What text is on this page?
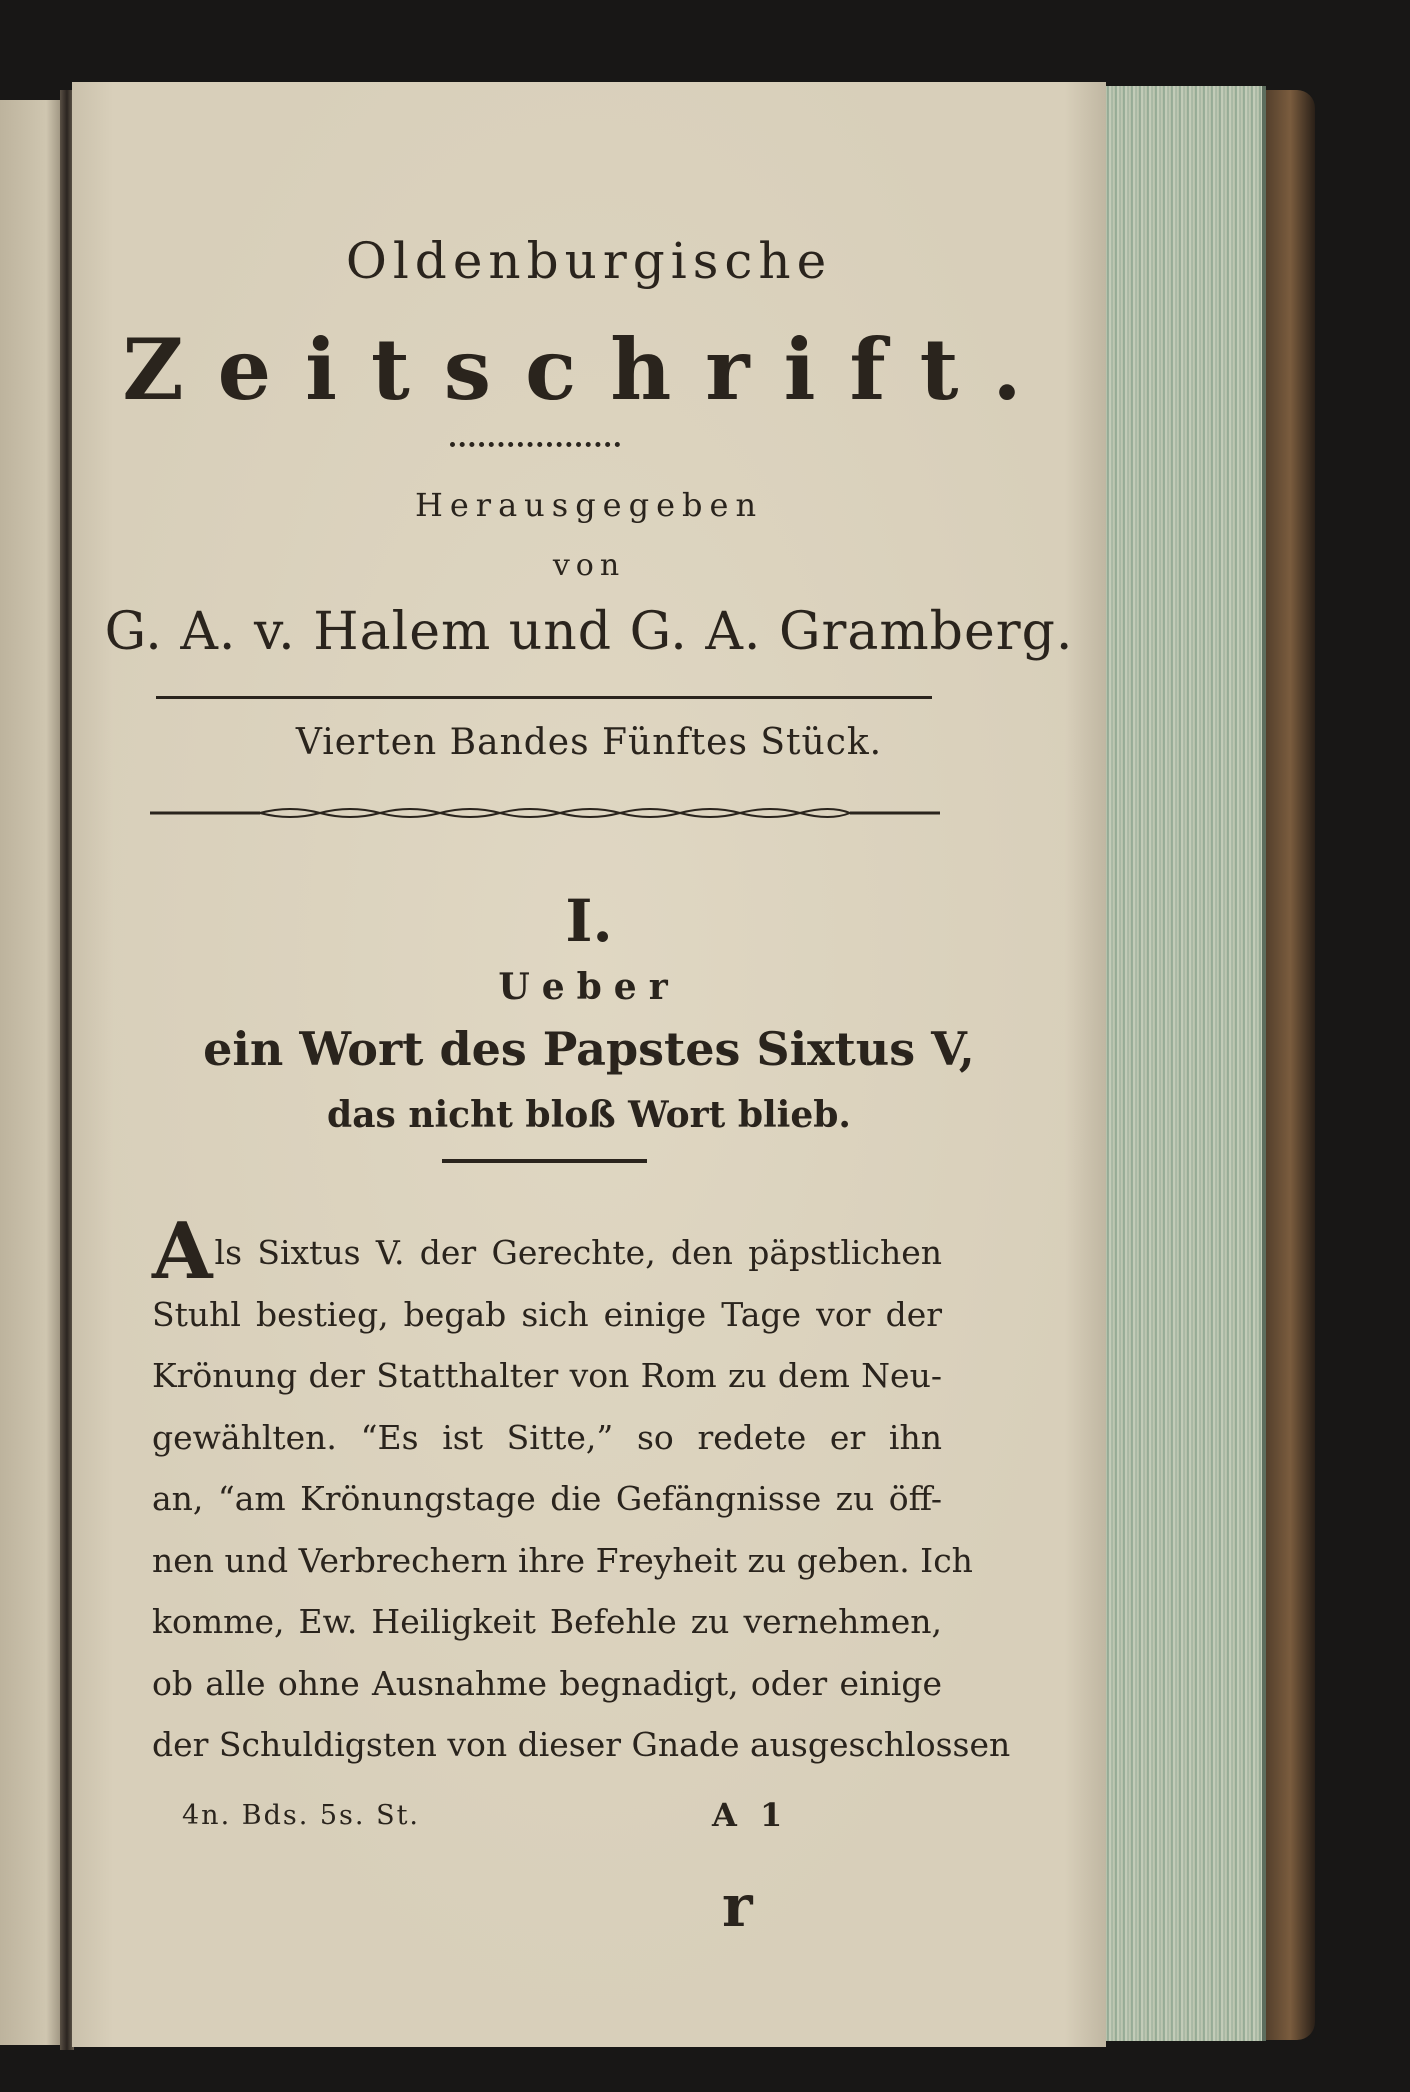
Oldenburgische
Zeitschrift.
Herausgegeben
von
G. A. v. Halem und G. A. Gramberg.
Vierten Bandes Fünftes Stück.
I.
Ueber
ein Wort des Papstes Sixtus V,
das nicht bloß Wort blieb.
Als Sixtus V. der Gerechte, den päpstlichen
Stuhl bestieg, begab sich einige Tage vor der
Krönung der Statthalter von Rom zu dem Neu-
gewählten. “Es ist Sitte,” so redete er ihn
an, “am Krönungstage die Gefängnisse zu öff-
nen und Verbrechern ihre Freyheit zu geben. Ich
komme, Ew. Heiligkeit Befehle zu vernehmen,
ob alle ohne Ausnahme begnadigt, oder einige
der Schuldigsten von dieser Gnade ausgeschlossen
4n. Bds. 5s. St.	A 1
r
